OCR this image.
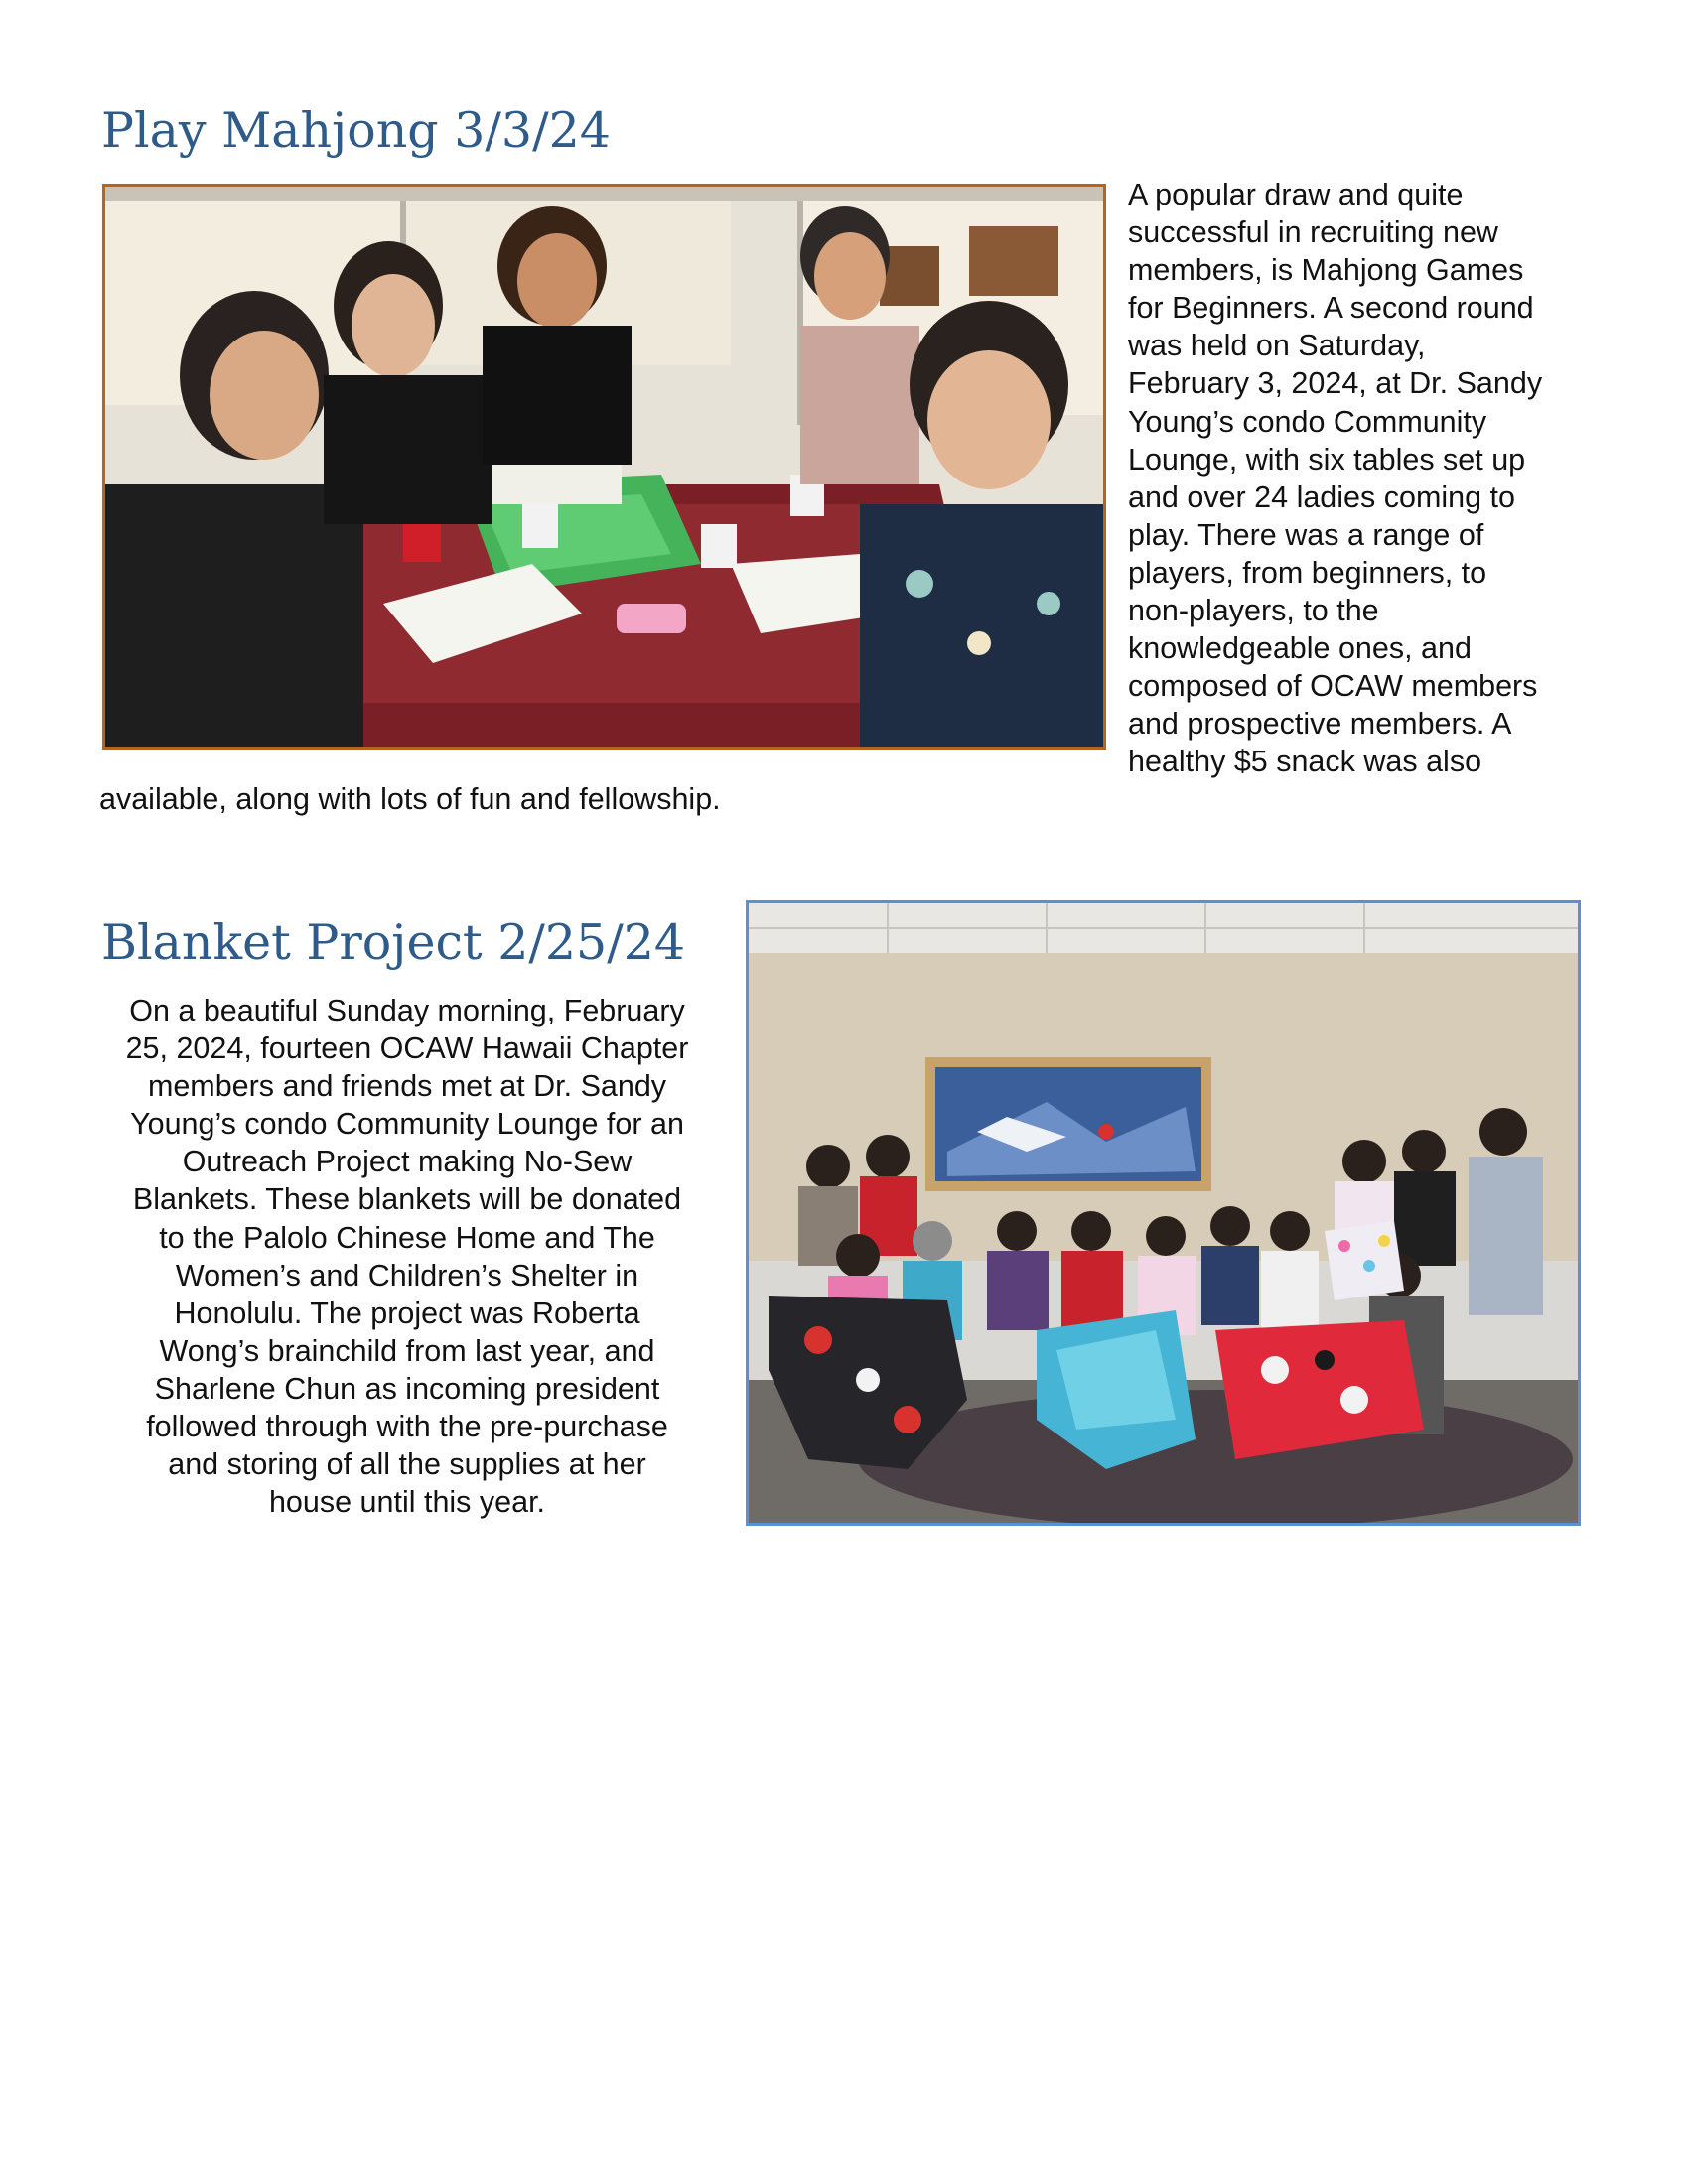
Play Mahjong 3/3/24

A popular draw and quite
successful in recruiting new
members, is Mahjong Games
for Beginners. A second round
was held on Saturday,
February 3, 2024, at Dr. Sandy
Young’s condo Community
Lounge, with six tables set up
and over 24 ladies coming to
play. There was a range of
players, from beginners, to
non-players, to the
knowledgeable ones, and
composed of OCAW members
and prospective members. A
healthy $5 snack was also

available, along with lots of fun and fellowship.

Blanket Project 2/25/24

On a beautiful Sunday morning, February
25, 2024, fourteen OCAW Hawaii Chapter
members and friends met at Dr. Sandy
Young’s condo Community Lounge for an
Outreach Project making No-Sew
Blankets. These blankets will be donated
to the Palolo Chinese Home and The
Women’s and Children’s Shelter in
Honolulu. The project was Roberta
Wong’s brainchild from last year, and
Sharlene Chun as incoming president
followed through with the pre-purchase
and storing of all the supplies at her
house until this year.
